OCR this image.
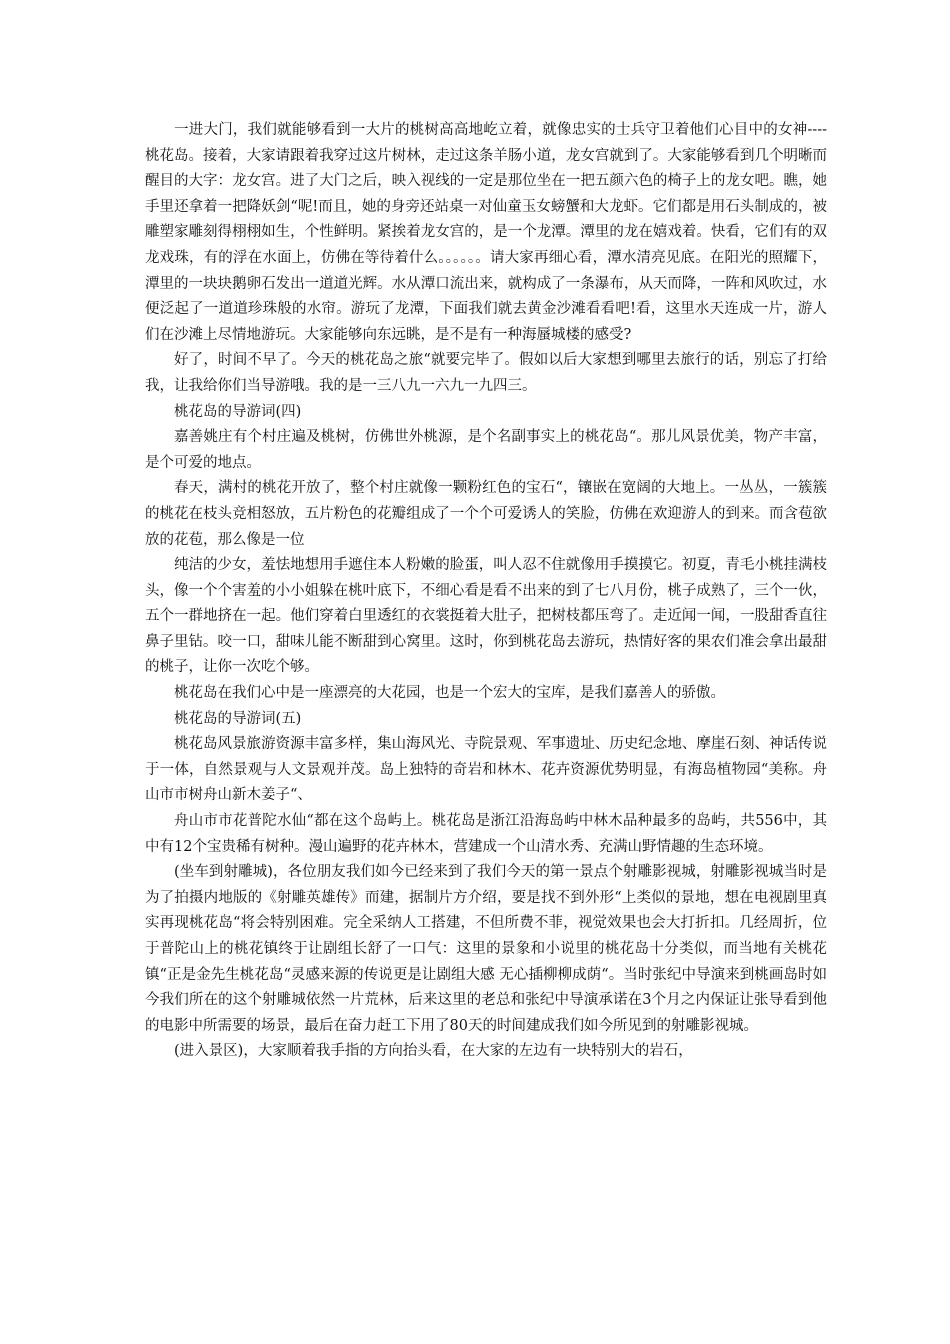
一进大门，我们就能够看到一大片的桃树高高地屹立着，就像忠实的士兵守卫着他们心目中的女神----桃花岛。接着，大家请跟着我穿过这片树林，走过这条羊肠小道，龙女宫就到了。大家能够看到几个明晰而醒目的大字：龙女宫。进了大门之后，映入视线的一定是那位坐在一把五颜六色的椅子上的龙女吧。瞧，她手里还拿着一把降妖剑“呢!而且，她的身旁还站桌一对仙童玉女螃蟹和大龙虾。它们都是用石头制成的，被雕塑家雕刻得栩栩如生，个性鲜明。紧挨着龙女宫的，是一个龙潭。潭里的龙在嬉戏着。快看，它们有的双龙戏珠，有的浮在水面上，仿佛在等待着什么。。。。。。请大家再细心看，潭水清亮见底。在阳光的照耀下，潭里的一块块鹅卵石发出一道道光辉。水从潭口流出来，就构成了一条瀑布，从天而降，一阵和风吹过，水便泛起了一道道珍珠般的水帘。游玩了龙潭，下面我们就去黄金沙滩看看吧!看，这里水天连成一片，游人们在沙滩上尽情地游玩。大家能够向东远眺，是不是有一种海蜃城楼的感受?

好了，时间不早了。今天的桃花岛之旅“就要完毕了。假如以后大家想到哪里去旅行的话，别忘了打给我，让我给你们当导游哦。我的是一三八九一六九一九四三。

桃花岛的导游词(四)

嘉善姚庄有个村庄遍及桃树，仿佛世外桃源，是个名副事实上的桃花岛“。那儿风景优美，物产丰富，是个可爱的地点。

春天，满村的桃花开放了，整个村庄就像一颗粉红色的宝石“，镶嵌在宽阔的大地上。一丛丛，一簇簇的桃花在枝头竞相怒放，五片粉色的花瓣组成了一个个可爱诱人的笑脸，仿佛在欢迎游人的到来。而含苞欲放的花苞，那么像是一位

纯洁的少女，羞怯地想用手遮住本人粉嫩的脸蛋，叫人忍不住就像用手摸摸它。初夏，青毛小桃挂满枝头，像一个个害羞的小小姐躲在桃叶底下，不细心看是看不出来的到了七八月份，桃子成熟了，三个一伙，五个一群地挤在一起。他们穿着白里透红的衣裳挺着大肚子，把树枝都压弯了。走近闻一闻，一股甜香直往鼻子里钻。咬一口，甜味儿能不断甜到心窝里。这时，你到桃花岛去游玩，热情好客的果农们准会拿出最甜的桃子，让你一次吃个够。

桃花岛在我们心中是一座漂亮的大花园，也是一个宏大的宝库，是我们嘉善人的骄傲。

桃花岛的导游词(五)

桃花岛风景旅游资源丰富多样，集山海风光、寺院景观、军事遗址、历史纪念地、摩崖石刻、神话传说于一体，自然景观与人文景观并茂。岛上独特的奇岩和林木、花卉资源优势明显，有海岛植物园“美称。舟山市市树舟山新木姜子“、

舟山市市花普陀水仙“都在这个岛屿上。桃花岛是浙江沿海岛屿中林木品种最多的岛屿，共556中，其中有12个宝贵稀有树种。漫山遍野的花卉林木，营建成一个山清水秀、充满山野情趣的生态环境。

(坐车到射雕城)，各位朋友我们如今已经来到了我们今天的第一景点个射雕影视城，射雕影视城当时是为了拍摄内地版的《射雕英雄传》而建，据制片方介绍，要是找不到外形“上类似的景地，想在电视剧里真实再现桃花岛“将会特别困难。完全采纳人工搭建，不但所费不菲，视觉效果也会大打折扣。几经周折，位于普陀山上的桃花镇终于让剧组长舒了一口气：这里的景象和小说里的桃花岛十分类似，而当地有关桃花镇“正是金先生桃花岛“灵感来源的传说更是让剧组大感 无心插柳柳成荫“。当时张纪中导演来到桃画岛时如今我们所在的这个射雕城依然一片荒林，后来这里的老总和张纪中导演承诺在3个月之内保证让张导看到他的电影中所需要的场景，最后在奋力赶工下用了80天的时间建成我们如今所见到的射雕影视城。

(进入景区)，大家顺着我手指的方向抬头看，在大家的左边有一块特别大的岩石，
